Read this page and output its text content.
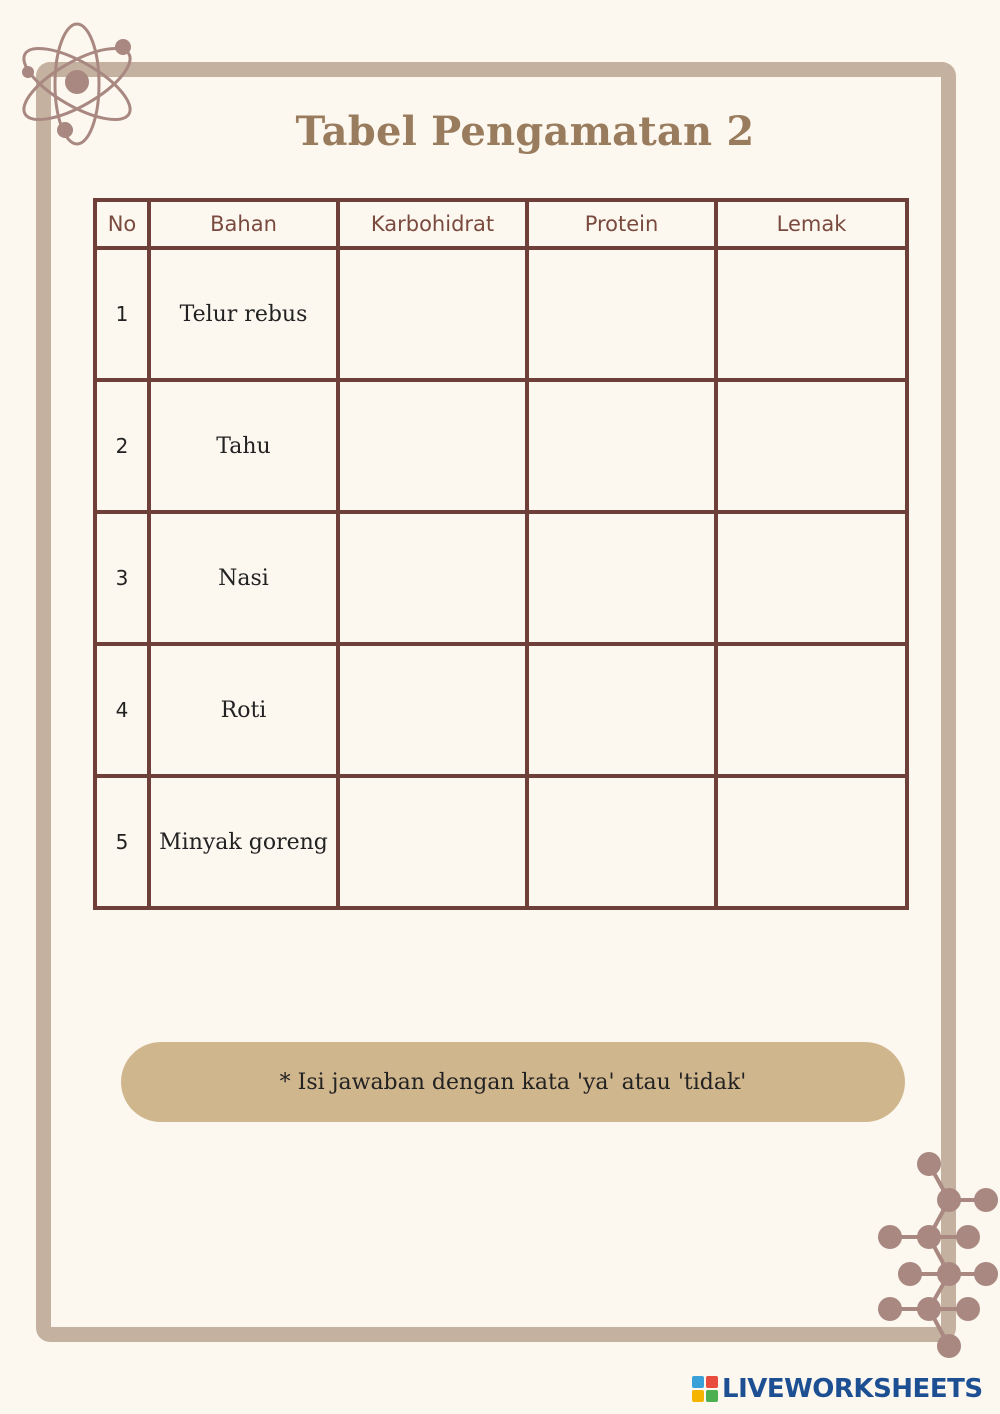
Tabel Pengamatan 2
No	Bahan	Karbohidrat	Protein	Lemak
1	Telur rebus			
2	Tahu			
3	Nasi			
4	Roti			
5	Minyak goreng			
* Isi jawaban dengan kata 'ya' atau 'tidak'
LIVEWORKSHEETS
